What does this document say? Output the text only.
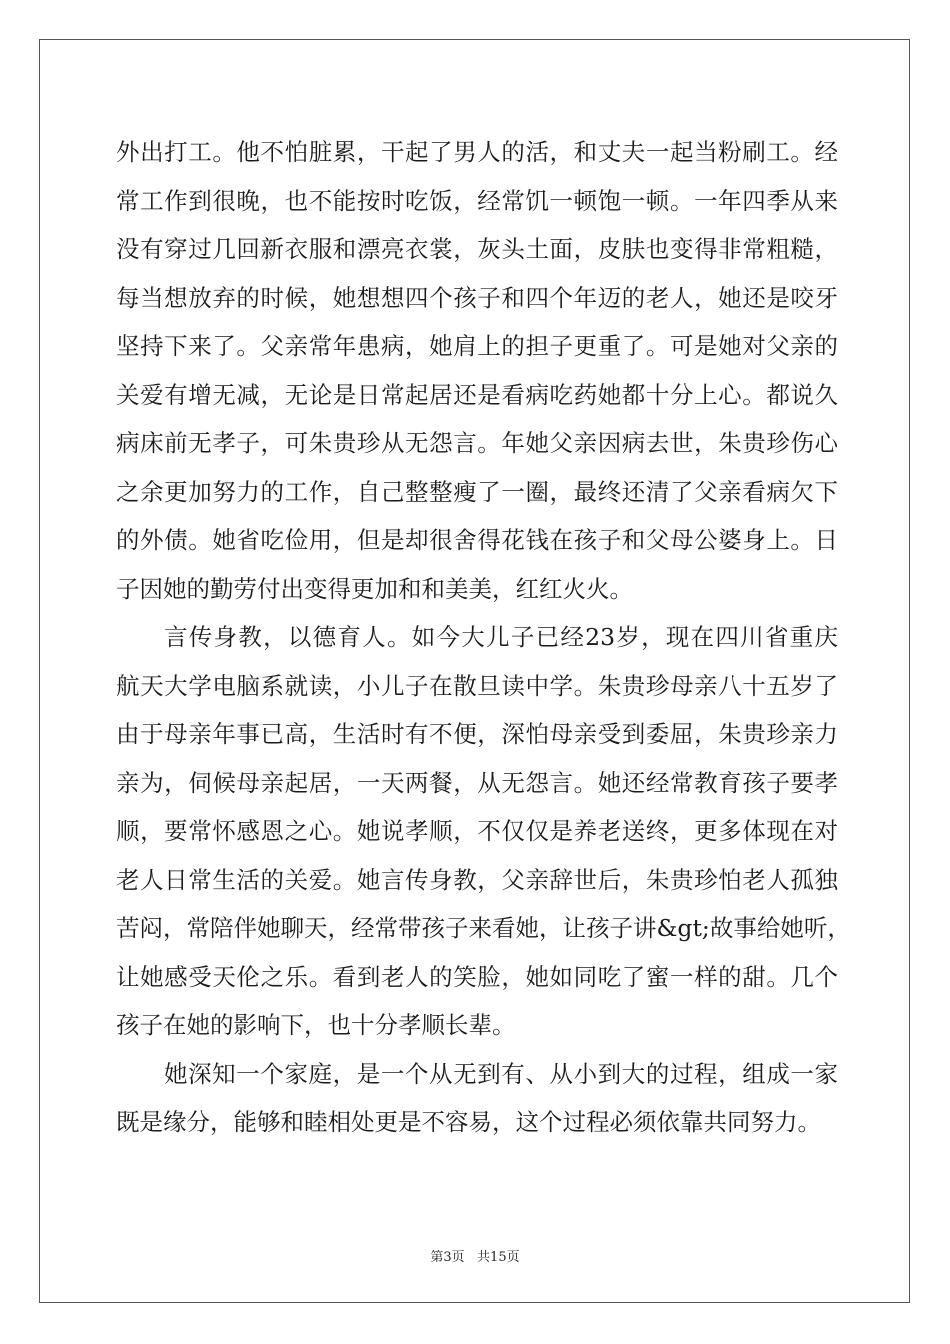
外出打工。他不怕脏累，干起了男人的活，和丈夫一起当粉刷工。经
常工作到很晚，也不能按时吃饭，经常饥一顿饱一顿。一年四季从来
没有穿过几回新衣服和漂亮衣裳，灰头土面，皮肤也变得非常粗糙，
每当想放弃的时候，她想想四个孩子和四个年迈的老人，她还是咬牙
坚持下来了。父亲常年患病，她肩上的担子更重了。可是她对父亲的
关爱有增无减，无论是日常起居还是看病吃药她都十分上心。都说久
病床前无孝子，可朱贵珍从无怨言。年她父亲因病去世，朱贵珍伤心
之余更加努力的工作，自己整整瘦了一圈，最终还清了父亲看病欠下
的外债。她省吃俭用，但是却很舍得花钱在孩子和父母公婆身上。日
子因她的勤劳付出变得更加和和美美，红红火火。
言传身教，以德育人。如今大儿子已经23岁，现在四川省重庆
航天大学电脑系就读，小儿子在散旦读中学。朱贵珍母亲八十五岁了
由于母亲年事已高，生活时有不便，深怕母亲受到委屈，朱贵珍亲力
亲为，伺候母亲起居，一天两餐，从无怨言。她还经常教育孩子要孝
顺，要常怀感恩之心。她说孝顺，不仅仅是养老送终，更多体现在对
老人日常生活的关爱。她言传身教，父亲辞世后，朱贵珍怕老人孤独
苦闷，常陪伴她聊天，经常带孩子来看她，让孩子讲&gt;故事给她听，
让她感受天伦之乐。看到老人的笑脸，她如同吃了蜜一样的甜。几个
孩子在她的影响下，也十分孝顺长辈。
她深知一个家庭，是一个从无到有、从小到大的过程，组成一家
既是缘分，能够和睦相处更是不容易，这个过程必须依靠共同努力。
第3页   共15页
